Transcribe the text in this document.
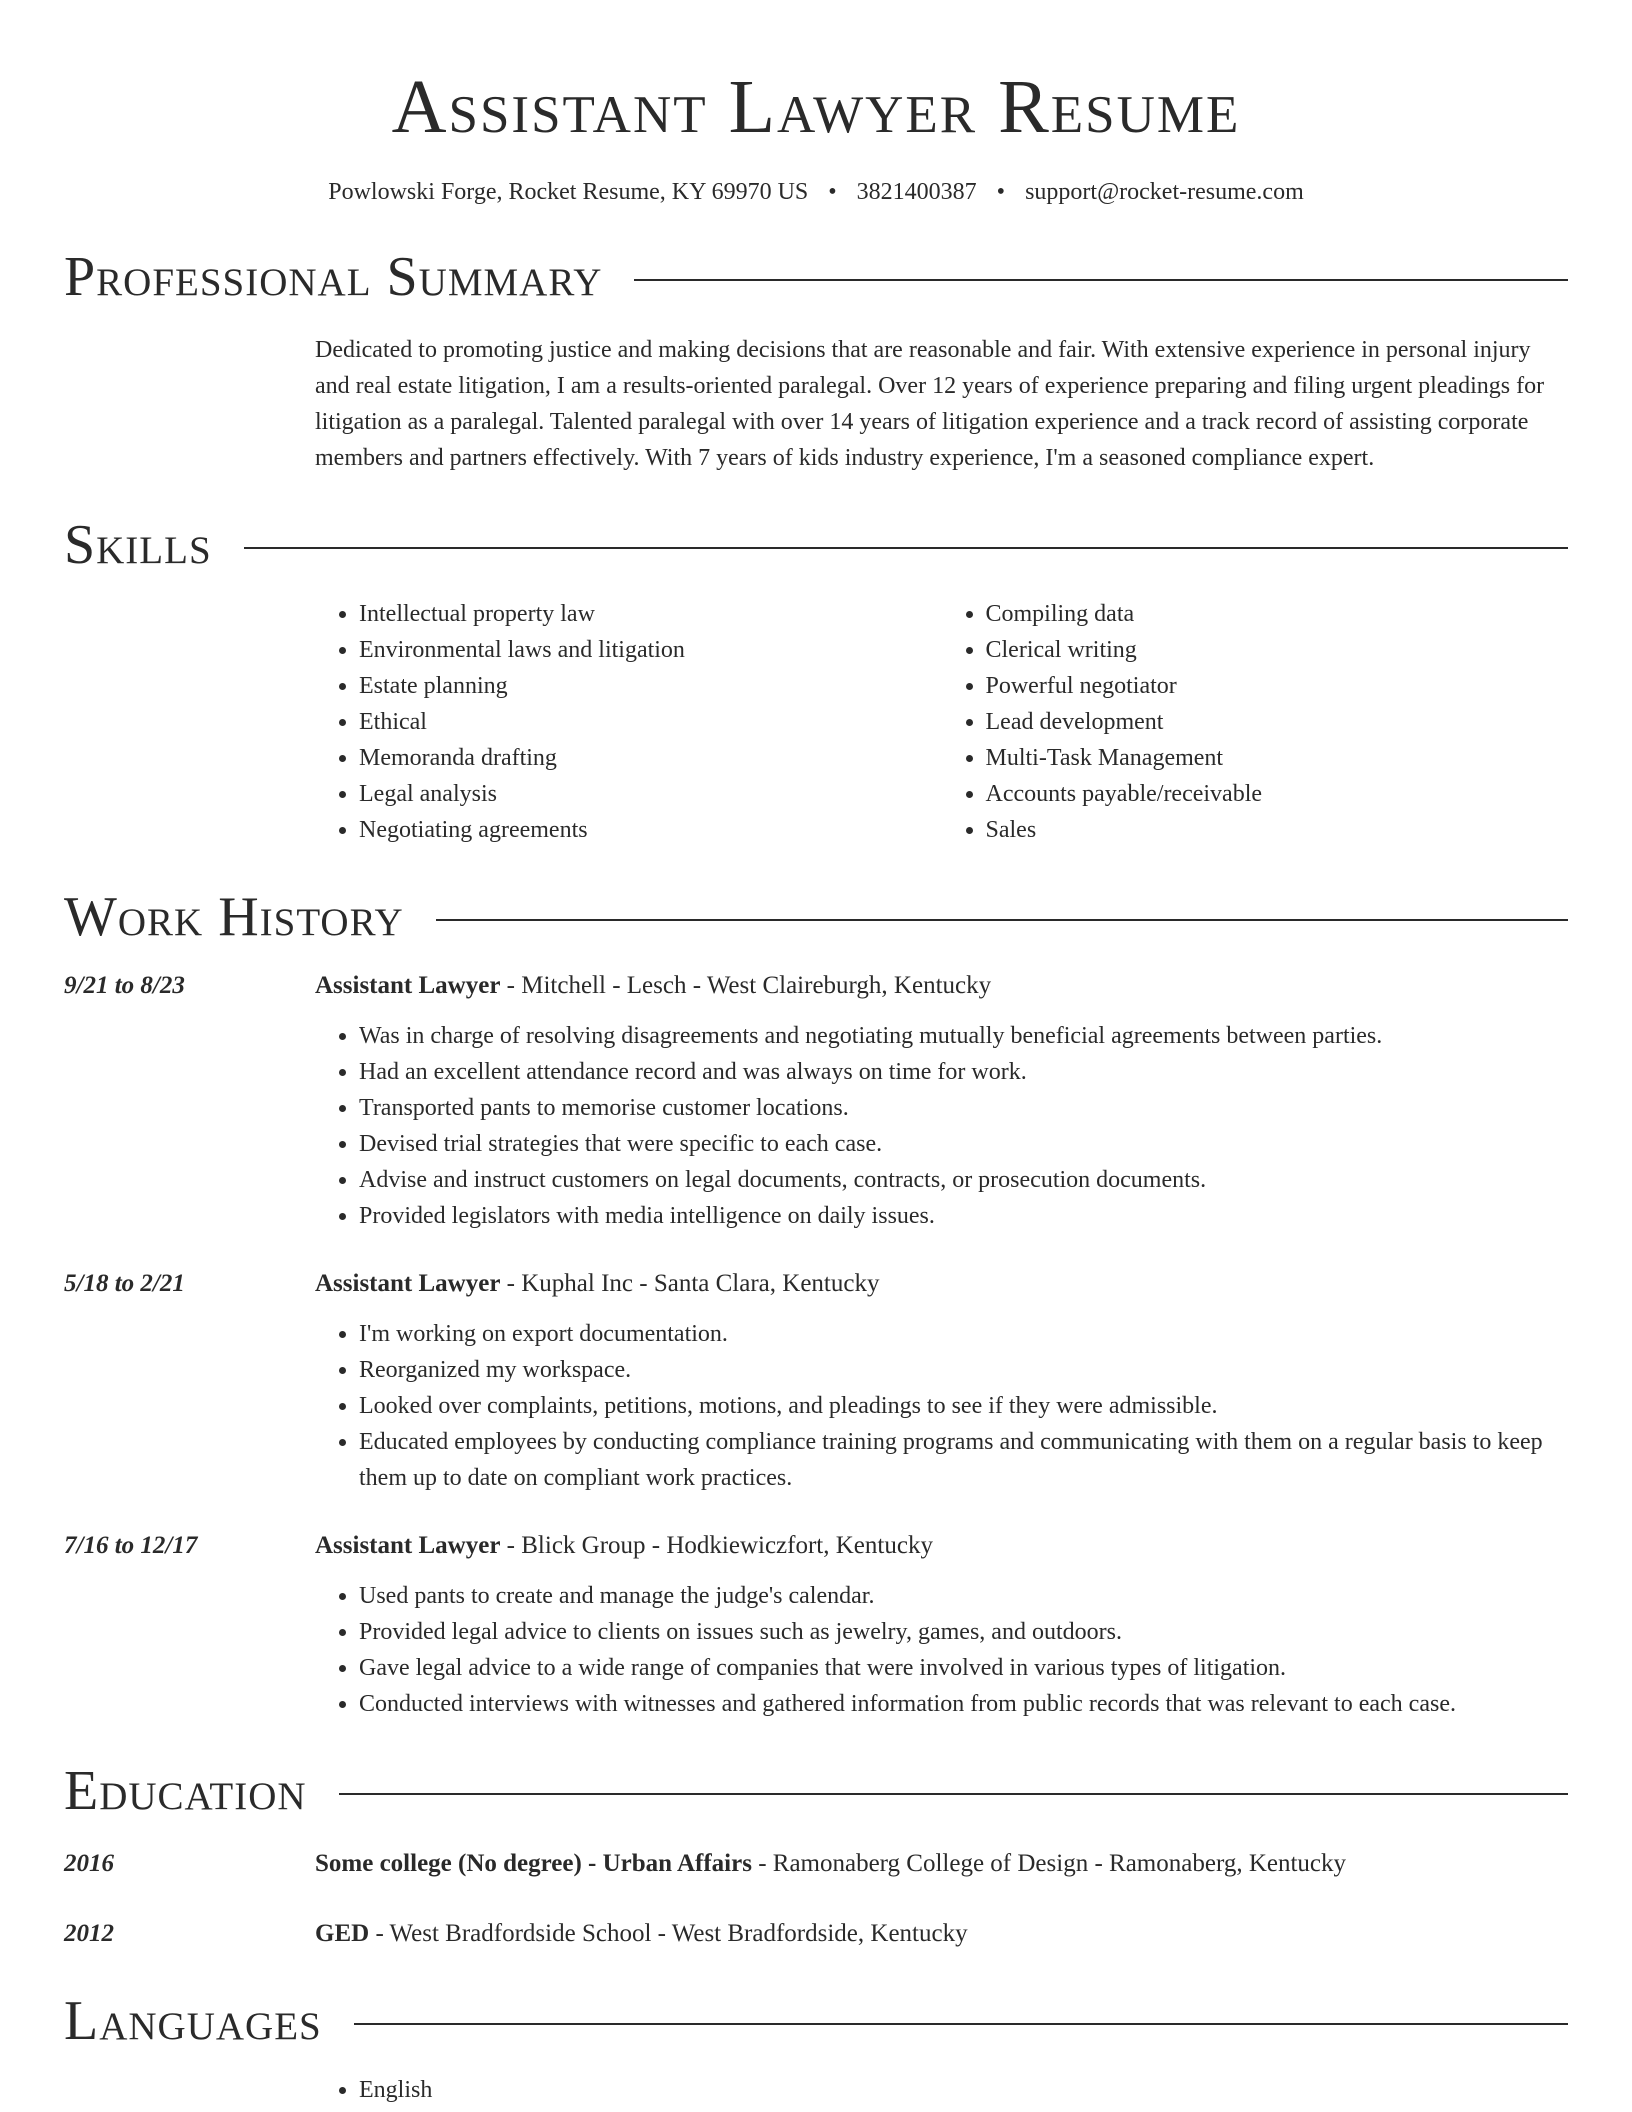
Assistant Lawyer Resume
Powlowski Forge, Rocket Resume, KY 69970 US • 3821400387 • support@rocket-resume.com
Professional Summary
Dedicated to promoting justice and making decisions that are reasonable and fair. With extensive experience in personal injury and real estate litigation, I am a results-oriented paralegal. Over 12 years of experience preparing and filing urgent pleadings for litigation as a paralegal. Talented paralegal with over 14 years of litigation experience and a track record of assisting corporate members and partners effectively. With 7 years of kids industry experience, I'm a seasoned compliance expert.
Skills
• Intellectual property law
• Environmental laws and litigation
• Estate planning
• Ethical
• Memoranda drafting
• Legal analysis
• Negotiating agreements
• Compiling data
• Clerical writing
• Powerful negotiator
• Lead development
• Multi-Task Management
• Accounts payable/receivable
• Sales
Work History
9/21 to 8/23	Assistant Lawyer - Mitchell - Lesch - West Claireburgh, Kentucky
• Was in charge of resolving disagreements and negotiating mutually beneficial agreements between parties.
• Had an excellent attendance record and was always on time for work.
• Transported pants to memorise customer locations.
• Devised trial strategies that were specific to each case.
• Advise and instruct customers on legal documents, contracts, or prosecution documents.
• Provided legislators with media intelligence on daily issues.
5/18 to 2/21	Assistant Lawyer - Kuphal Inc - Santa Clara, Kentucky
• I'm working on export documentation.
• Reorganized my workspace.
• Looked over complaints, petitions, motions, and pleadings to see if they were admissible.
• Educated employees by conducting compliance training programs and communicating with them on a regular basis to keep them up to date on compliant work practices.
7/16 to 12/17	Assistant Lawyer - Blick Group - Hodkiewiczfort, Kentucky
• Used pants to create and manage the judge's calendar.
• Provided legal advice to clients on issues such as jewelry, games, and outdoors.
• Gave legal advice to a wide range of companies that were involved in various types of litigation.
• Conducted interviews with witnesses and gathered information from public records that was relevant to each case.
Education
2016	Some college (No degree) - Urban Affairs - Ramonaberg College of Design - Ramonaberg, Kentucky
2012	GED - West Bradfordside School - West Bradfordside, Kentucky
Languages
• English
